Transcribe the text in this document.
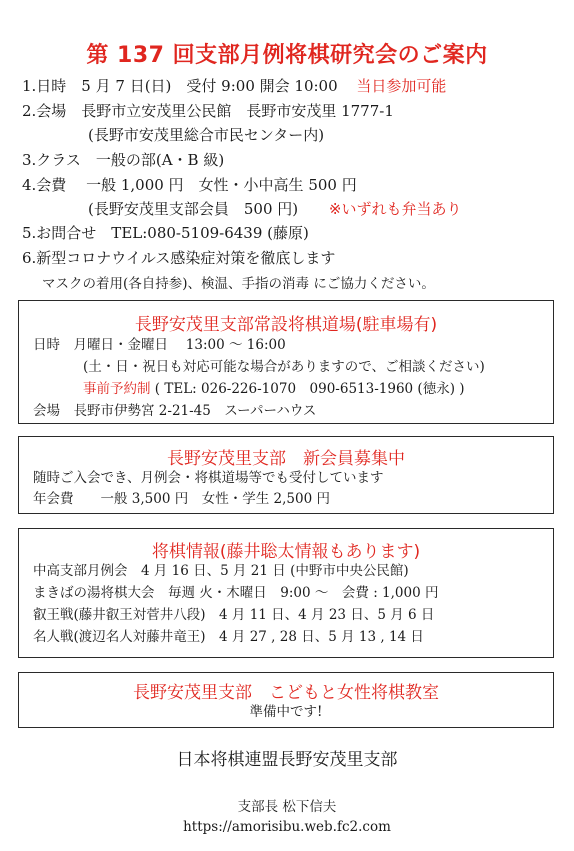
第 137 回支部月例将棋研究会のご案内
1.日時　5 月 7 日(日)　受付 9:00 開会 10:00 当日参加可能
2.会場　長野市立安茂里公民館　長野市安茂里 1777-1
(長野市安茂里総合市民センター内)
3.クラス　一般の部(A・B 級)
4.会費　 一般 1,000 円　女性・小中高生 500 円
(長野安茂里支部会員　500 円) ※いずれも弁当あり
5.お問合せ　TEL:080-5109-6439 (藤原)
6.新型コロナウイルス感染症対策を徹底します
マスクの着用(各自持参)、検温、手指の消毒 にご協力ください。
長野安茂里支部常設将棋道場(駐車場有)
日時　月曜日・金曜日　 13:00 ～ 16:00
(土・日・祝日も対応可能な場合がありますので、ご相談ください)
事前予約制 ( TEL: 026-226-1070　090-6513-1960 (徳永) )
会場　長野市伊勢宮 2-21-45　スーパーハウス
長野安茂里支部　新会員募集中
随時ご入会でき、月例会・将棋道場等でも受付しています
年会費　　一般 3,500 円　女性・学生 2,500 円
将棋情報(藤井聡太情報もあります)
中高支部月例会　4 月 16 日、5 月 21 日 (中野市中央公民館)
まきばの湯将棋大会　毎週 火・木曜日　9:00 ～　会費 : 1,000 円
叡王戦(藤井叡王対菅井八段)　4 月 11 日、4 月 23 日、5 月 6 日
名人戦(渡辺名人対藤井竜王)　4 月 27 , 28 日、5 月 13 , 14 日
長野安茂里支部　こどもと女性将棋教室
準備中です!
日本将棋連盟長野安茂里支部
支部長 松下信夫
https://amorisibu.web.fc2.com
